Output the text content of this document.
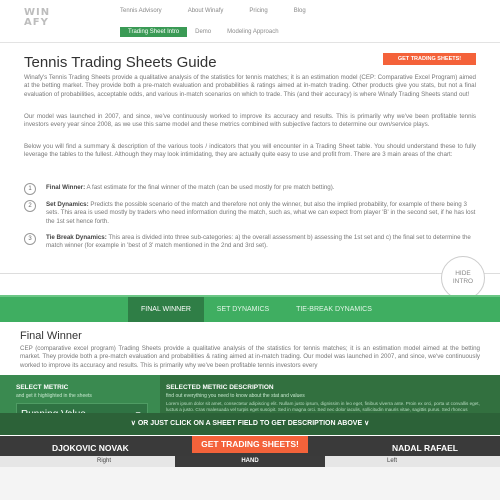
WIN
AFY
Tennis Advisory	About Winafy	Pricing	Blog
Trading Sheet Intro	Demo	Modeling Approach
Tennis Trading Sheets Guide	GET TRADING SHEETS!
Winafy's Tennis Trading Sheets provide a qualitative analysis of the statistics for tennis matches; it is an estimation model (CEP: Comparative Excel Program) aimed at the betting market. They provide both a pre-match evaluation and probabilities & ratings aimed at in-match trading. Other products give you stats, but not a final evaluation of probabilities, acceptable odds, and various in-match scenarios on which to trade. This (and their accuracy) is where Winafy Trading Sheets stand out!
Our model was launched in 2007, and since, we've continuously worked to improve its accuracy and results. This is primarily why we've been profitable tennis investors every year since 2008, as we use this same model and these metrics combined with subjective factors to determine our own/service plays.
Below you will find a summary & description of the various tools / indicators that you will encounter in a Trading Sheet table. You should understand these to fully leverage the tables to the fullest. Although they may look intimidating, they are actually quite easy to use and profit from. There are 3 main areas of the chart:
1	Final Winner: A fast estimate for the final winner of the match (can be used mostly for pre match betting).
2	Set Dynamics: Predicts the possible scenario of the match and therefore not only the winner, but also the implied probability, for example of there being 3 sets. This area is used mostly by traders who need information during the match, such as, what we can expect from player 'B' in the second set, if he has lost the 1st set hence forth.
3	Tie Break Dynamics: This area is divided into three sub-categories: a) the overall assessment b) assessing the 1st set and c) the final set to determine the match winner (for example in 'best of 3' match mentioned in the 2nd and 3rd set).
HIDE
INTRO
FINAL WINNER	SET DYNAMICS	TIE-BREAK DYNAMICS
Final Winner
CEP (comparative excel program) Trading Sheets provide a qualitative analysis of the statistics for tennis matches; it is an estimation model aimed at the betting market. They provide both a pre-match evaluation and probabilities & rating aimed at in-match trading. Our model was launched in 2007, and since, we've continuously worked to improve its accuracy and results. This is primarily why we've been profitable tennis investors every
SELECT METRIC
and get it highlighted in the sheets
SELECTED METRIC DESCRIPTION
find out everything you need to know about the stat and values
Lorem ipsum dolor sit amet, consectetur adipiscing elit. Nullam justo ipsum, dignissim in leo eget, finibus viverra ante. Proin ex orci, porta ut convallis eget, luctus a justo. Cras malesuada vel turpis eget suscipit. Sed in magna orci. Sed nec dolor iaculis, sollicitudin mauris vitae, sagittis purus. Sed rhoncus
∨ OR JUST CLICK ON A SHEET FIELD TO GET DESCRIPTION ABOVE ∨
DJOKOVIC NOVAK	NADAL RAFAEL
GET TRADING SHEETS!
Right	Left
HAND
